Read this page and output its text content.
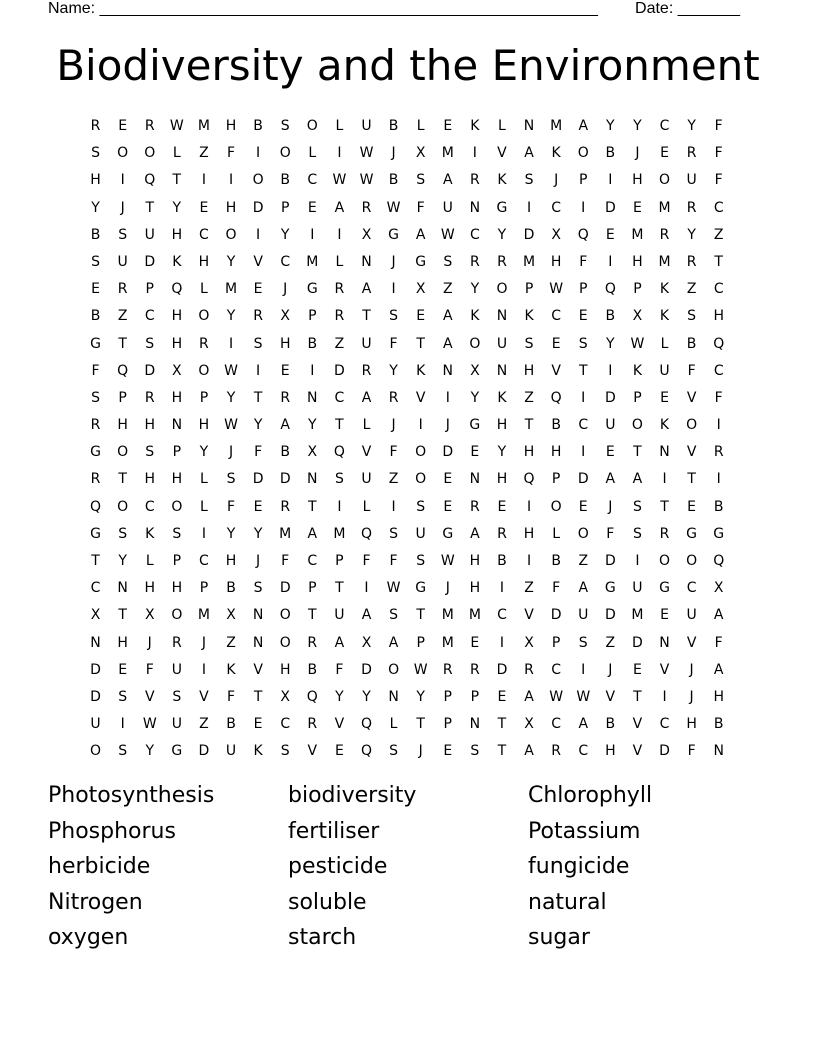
Name: ________________________________________________________ Date: _______
Biodiversity and the Environment
R	E	R	W	M	H	B	S	O	L	U	B	L	E	K	L	N	M	A	Y	Y	C	Y	F
S	O	O	L	Z	F	I	O	L	I	W	J	X	M	I	V	A	K	O	B	J	E	R	F
H	I	Q	T	I	I	O	B	C	W W	B	S	A	R	K	S	J	P	I	H	O	U	F
Y	J	T	Y	E	H	D	P	E	A	R	W	F	U	N	G	I	C	I	D	E	M	R	C
B	S	U	H	C	O	I	Y	I	I	X	G	A	W	C	Y	D	X	Q	E	M	R	Y	Z
S	U	D	K	H	Y	V	C	M	L	N	J	G	S	R	R	M	H	F	I	H	M	R	T
E	R	P	Q	L	M	E	J	G	R	A	I	X	Z	Y	O	P	W	P	Q	P	K	Z	C
B	Z	C	H	O	Y	R	X	P	R	T	S	E	A	K	N	K	C	E	B	X	K	S	H
G	T	S	H	R	I	S	H	B	Z	U	F	T	A	O	U	S	E	S	Y	W	L	B	Q
F	Q	D	X	O	W	I	E	I	D	R	Y	K	N	X	N	H	V	T	I	K	U	F	C
S	P	R	H	P	Y	T	R	N	C	A	R	V	I	Y	K	Z	Q	I	D	P	E	V	F
R	H	H	N	H	W	Y	A	Y	T	L	J	I	J	G	H	T	B	C	U	O	K	O	I
G	O	S	P	Y	J	F	B	X	Q	V	F	O	D	E	Y	H	H	I	E	T	N	V	R
R	T	H	H	L	S	D	D	N	S	U	Z	O	E	N	H	Q	P	D	A	A	I	T	I
Q	O	C	O	L	F	E	R	T	I	L	I	S	E	R	E	I	O	E	J	S	T	E	B
G	S	K	S	I	Y	Y	M	A	M	Q	S	U	G	A	R	H	L	O	F	S	R	G	G
T	Y	L	P	C	H	J	F	C	P	F	F	S	W	H	B	I	B	Z	D	I	O	O	Q
C	N	H	H	P	B	S	D	P	T	I	W	G	J	H	I	Z	F	A	G	U	G	C	X
X	T	X	O	M	X	N	O	T	U	A	S	T	M	M	C	V	D	U	D	M	E	U	A
N	H	J	R	J	Z	N	O	R	A	X	A	P	M	E	I	X	P	S	Z	D	N	V	F
D	E	F	U	I	K	V	H	B	F	D	O	W	R	R	D	R	C	I	J	E	V	J	A
D	S	V	S	V	F	T	X	Q	Y	Y	N	Y	P	P	E	A	W W	V	T	I	J	H
U	I	W	U	Z	B	E	C	R	V	Q	L	T	P	N	T	X	C	A	B	V	C	H	B
O	S	Y	G	D	U	K	S	V	E	Q	S	J	E	S	T	A	R	C	H	V	D	F	N
Photosynthesis	biodiversity	Chlorophyll
Phosphorus	fertiliser	Potassium
herbicide	pesticide	fungicide
Nitrogen	soluble	natural
oxygen	starch	sugar
